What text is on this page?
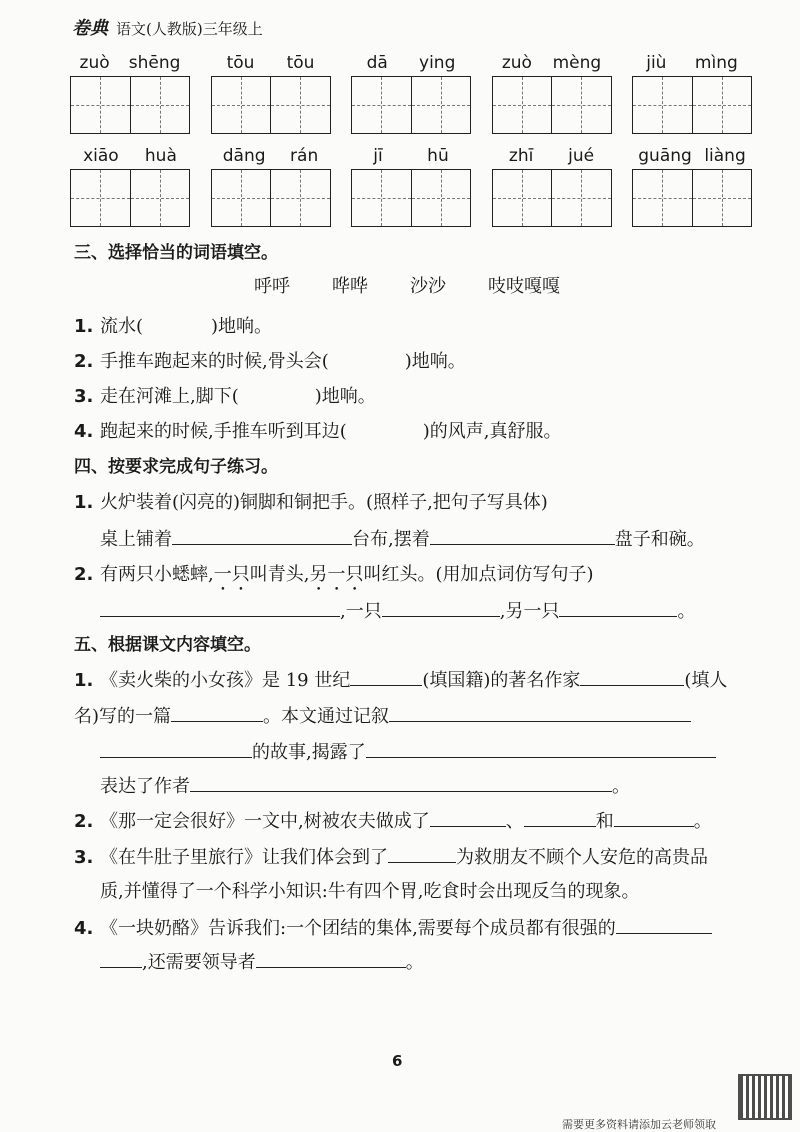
卷典 语文(人教版)三年级上
zuò shēng	tōu tōu	dā ying	zuò mèng	jiù mìng
xiāo huà	dāng rán	jī	hū	zhī jué	guāng liàng
三、选择恰当的词语填空。
呼呼 哗哗 沙沙 吱吱嘎嘎
1. 流水(	)地响。
2. 手推车跑起来的时候,骨头会(	)地响。
3. 走在河滩上,脚下(	)地响。
4. 跑起来的时候,手推车听到耳边(	)的风声,真舒服。
四、按要求完成句子练习。
1. 火炉装着(闪亮的)铜脚和铜把手。(照样子,把句子写具体)
桌上铺着	台布,摆着	盘子和碗。
2. 有两只小蟋蟀,一只叫青头,另一只叫红头。(用加点词仿写句子)
,一只	,另一只	。
五、根据课文内容填空。
1. 《卖火柴的小女孩》是 19 世纪	(填国籍)的著名作家	(填人
名)写的一篇	。本文通过记叙
的故事,揭露了
表达了作者	。
2. 《那一定会很好》一文中,树被农夫做成了	、	和	。
3. 《在牛肚子里旅行》让我们体会到了	为救朋友不顾个人安危的高贵品
质,并懂得了一个科学小知识:牛有四个胃,吃食时会出现反刍的现象。
4. 《一块奶酪》告诉我们:一个团结的集体,需要每个成员都有很强的
,还需要领导者	。
6
需要更多资料请添加云老师领取
